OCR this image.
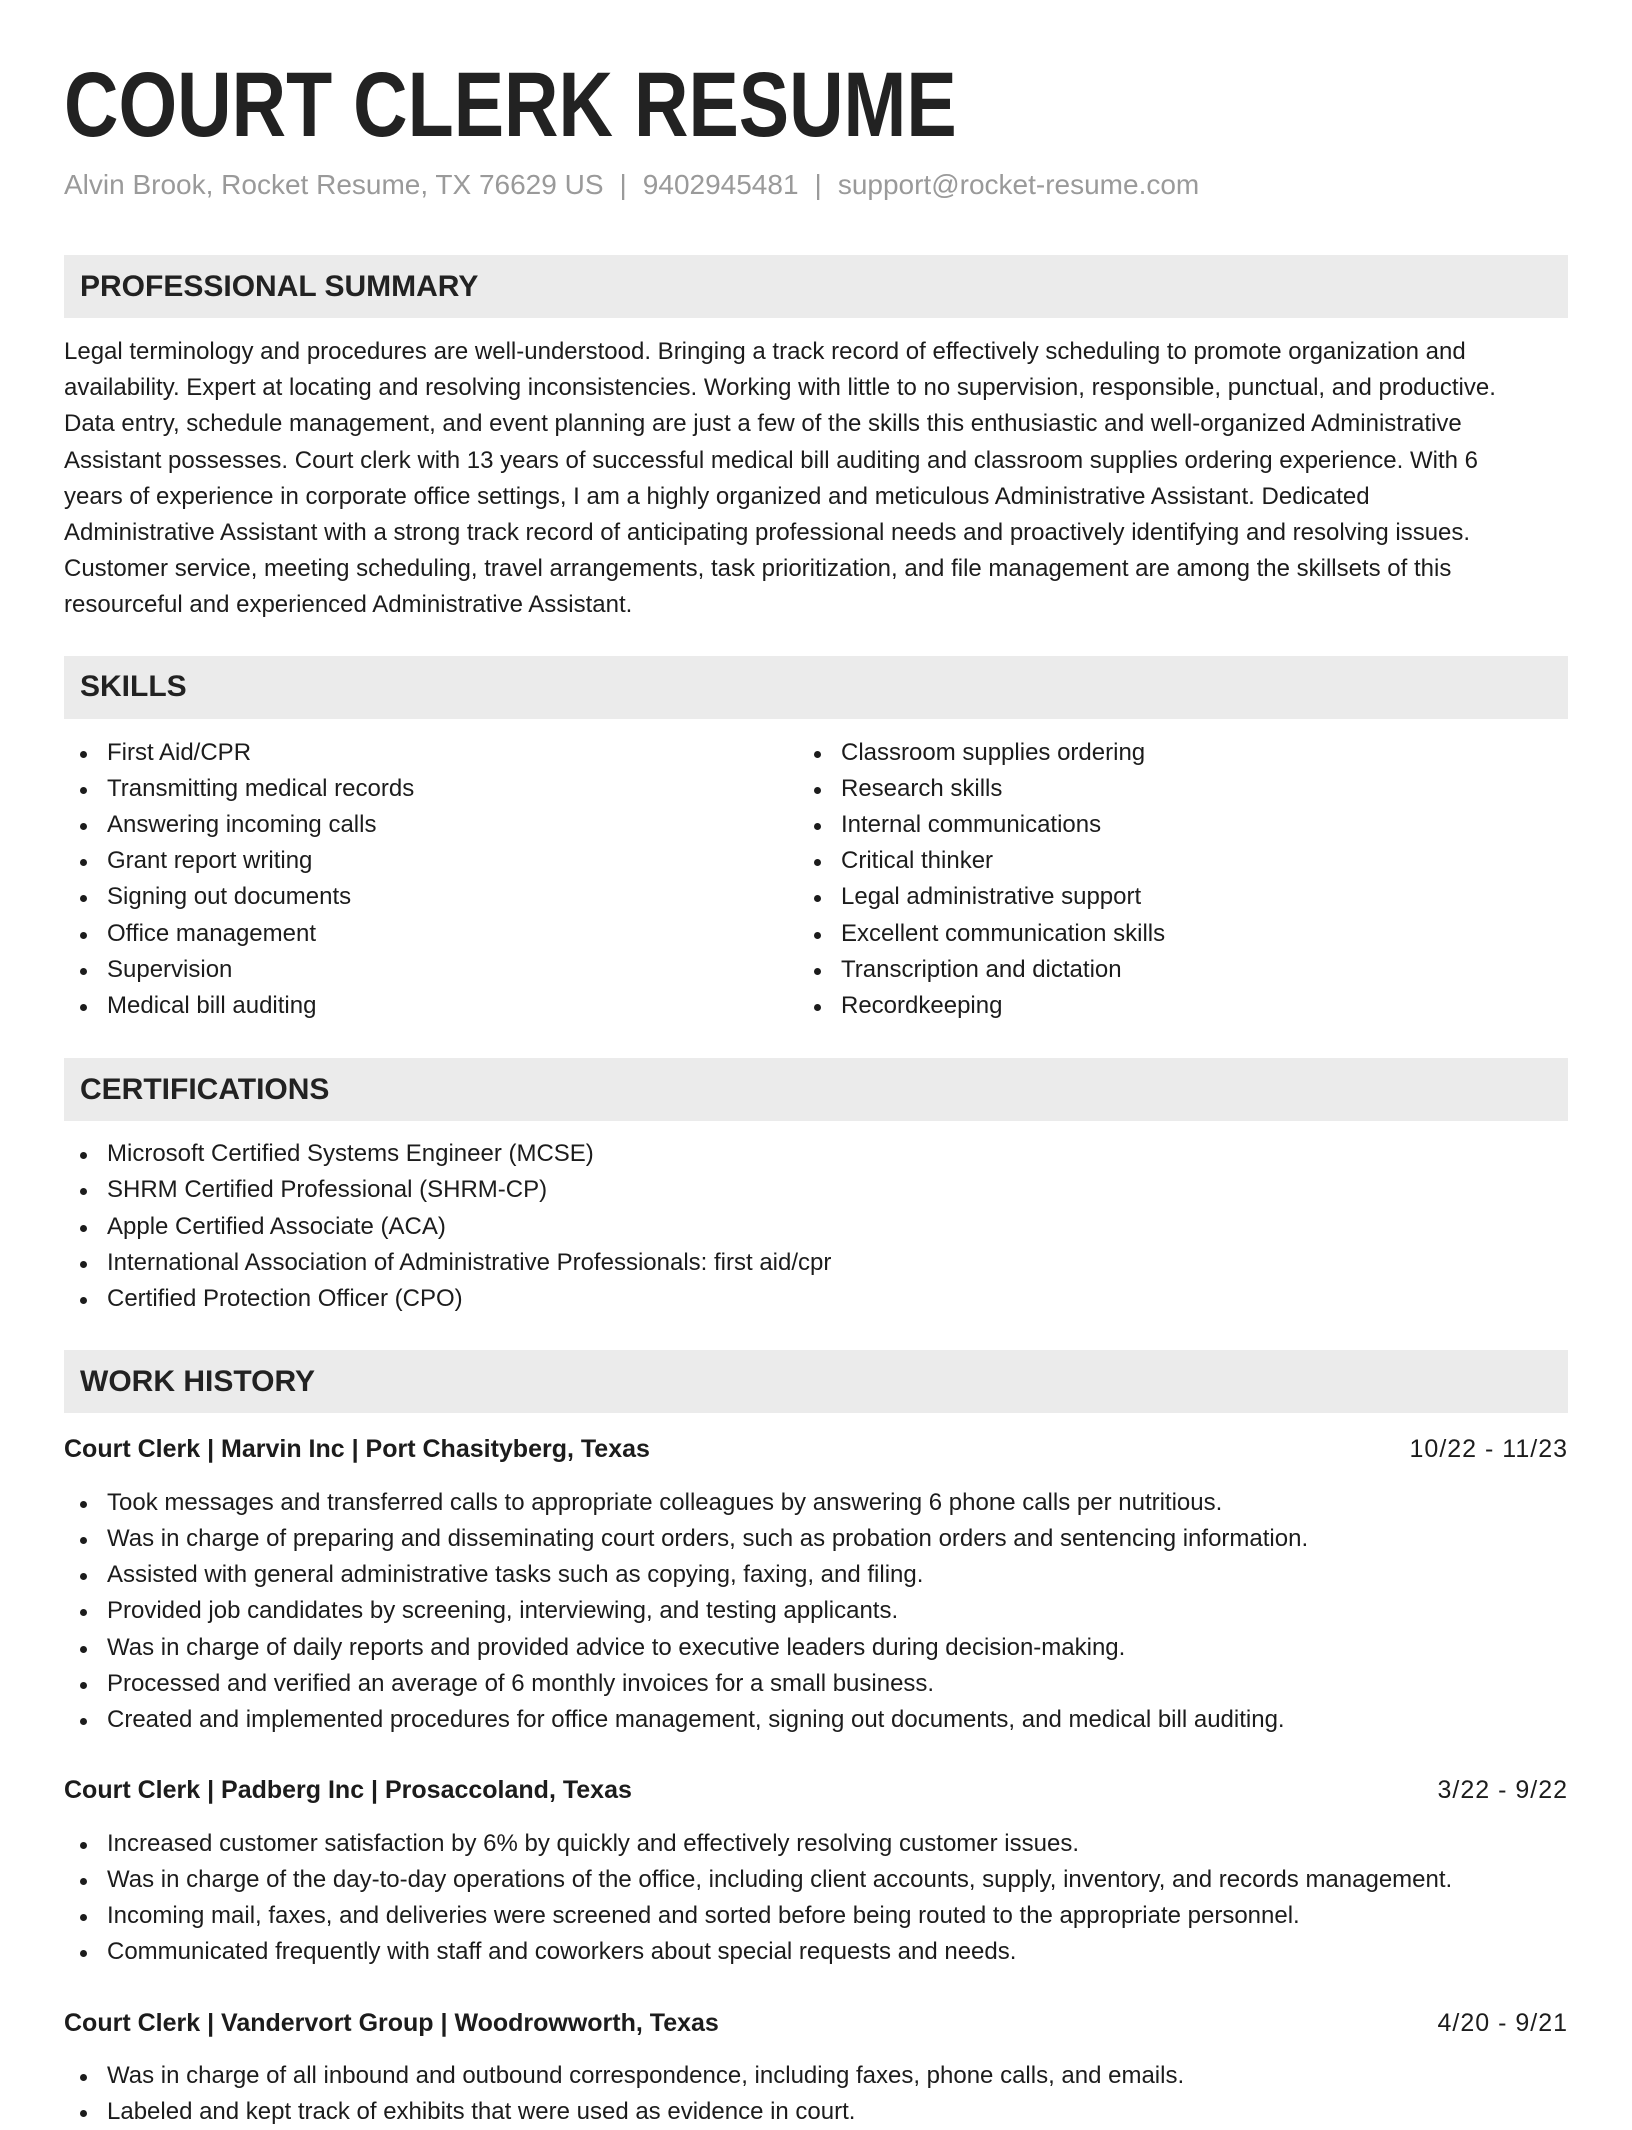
COURT CLERK RESUME
Alvin Brook, Rocket Resume, TX 76629 US | 9402945481 | support@rocket-resume.com
PROFESSIONAL SUMMARY

Legal terminology and procedures are well-understood. Bringing a track record of effectively scheduling to promote organization and availability. Expert at locating and resolving inconsistencies. Working with little to no supervision, responsible, punctual, and productive. Data entry, schedule management, and event planning are just a few of the skills this enthusiastic and well-organized Administrative Assistant possesses. Court clerk with 13 years of successful medical bill auditing and classroom supplies ordering experience. With 6 years of experience in corporate office settings, I am a highly organized and meticulous Administrative Assistant. Dedicated Administrative Assistant with a strong track record of anticipating professional needs and proactively identifying and resolving issues. Customer service, meeting scheduling, travel arrangements, task prioritization, and file management are among the skillsets of this resourceful and experienced Administrative Assistant.

SKILLS
First Aid/CPR
Transmitting medical records
Answering incoming calls
Grant report writing
Signing out documents
Office management
Supervision
Medical bill auditing
Classroom supplies ordering
Research skills
Internal communications
Critical thinker
Legal administrative support
Excellent communication skills
Transcription and dictation
Recordkeeping
CERTIFICATIONS
Microsoft Certified Systems Engineer (MCSE)
SHRM Certified Professional (SHRM-CP)
Apple Certified Associate (ACA)
International Association of Administrative Professionals: first aid/cpr
Certified Protection Officer (CPO)
WORK HISTORY
Court Clerk | Marvin Inc | Port Chasityberg, Texas	10/22 - 11/23
Took messages and transferred calls to appropriate colleagues by answering 6 phone calls per nutritious.
Was in charge of preparing and disseminating court orders, such as probation orders and sentencing information.
Assisted with general administrative tasks such as copying, faxing, and filing.
Provided job candidates by screening, interviewing, and testing applicants.
Was in charge of daily reports and provided advice to executive leaders during decision-making.
Processed and verified an average of 6 monthly invoices for a small business.
Created and implemented procedures for office management, signing out documents, and medical bill auditing.
Court Clerk | Padberg Inc | Prosaccoland, Texas	3/22 - 9/22
Increased customer satisfaction by 6% by quickly and effectively resolving customer issues.
Was in charge of the day-to-day operations of the office, including client accounts, supply, inventory, and records management.
Incoming mail, faxes, and deliveries were screened and sorted before being routed to the appropriate personnel.
Communicated frequently with staff and coworkers about special requests and needs.
Court Clerk | Vandervort Group | Woodrowworth, Texas	4/20 - 9/21
Was in charge of all inbound and outbound correspondence, including faxes, phone calls, and emails.
Labeled and kept track of exhibits that were used as evidence in court.
